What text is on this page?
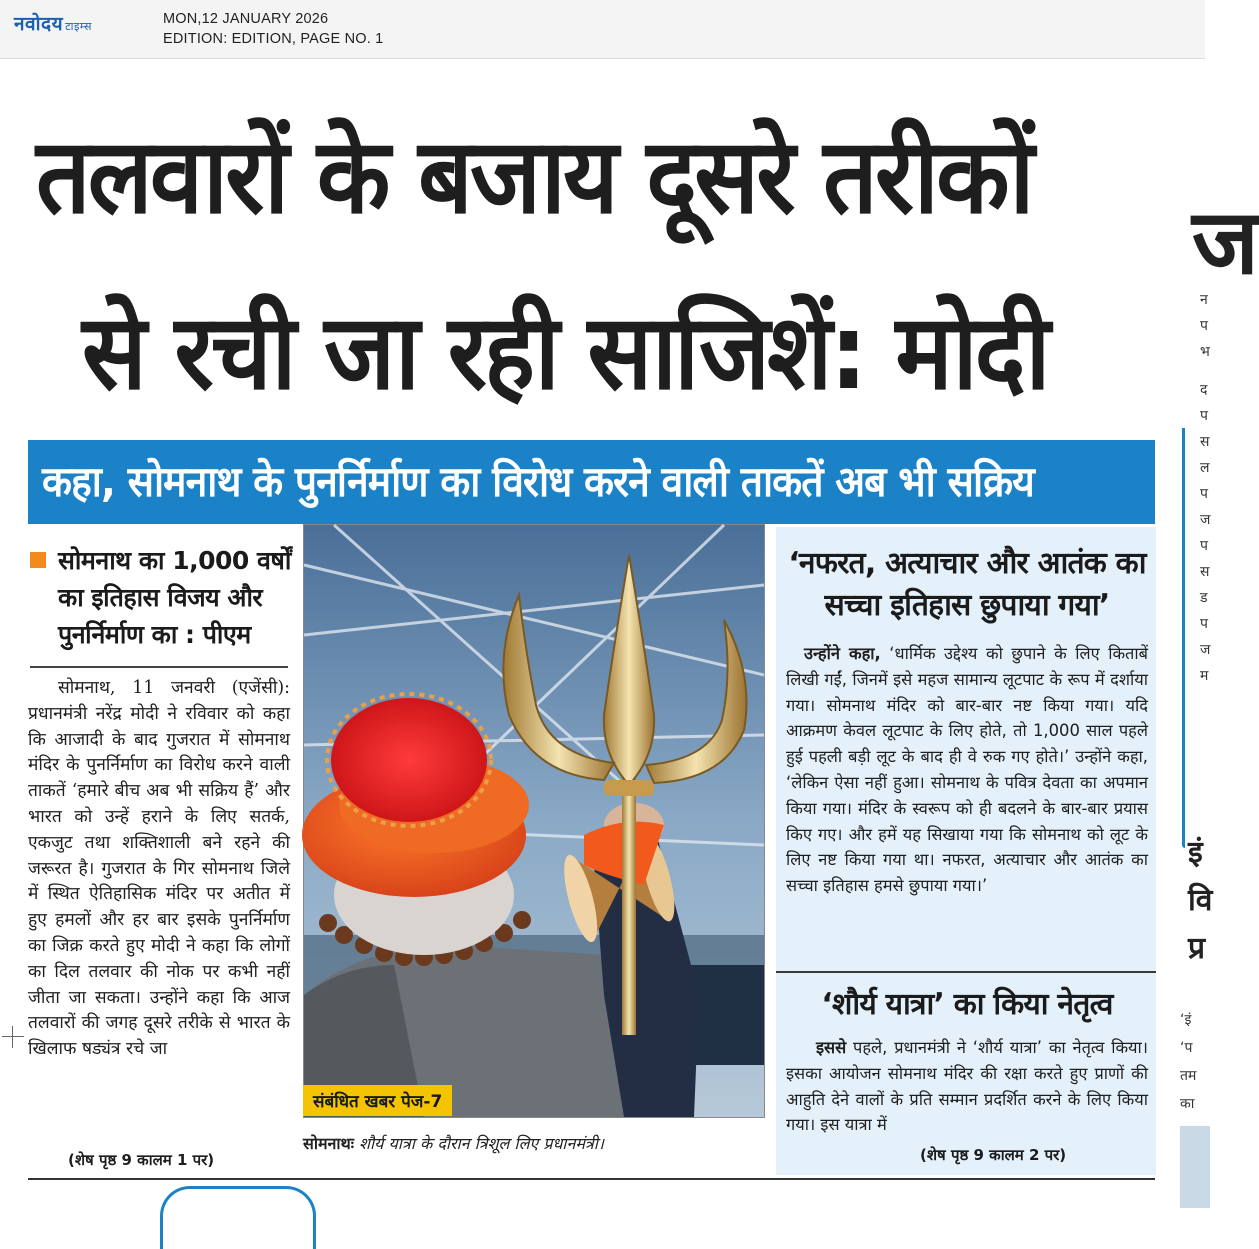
नवोदय टाइम्स	MON,12 JANUARY 2026
EDITION: EDITION, PAGE NO. 1
तलवारों के बजाय दूसरे तरीकों
से रची जा रही साजिशें: मोदी
कहा, सोमनाथ के पुनर्निर्माण का विरोध करने वाली ताकतें अब भी सक्रिय
सोमनाथ का 1,000 वर्षों का इतिहास विजय और पुनर्निर्माण का : पीएम

सोमनाथ, 11 जनवरी (एजेंसी): प्रधानमंत्री नरेंद्र मोदी ने रविवार को कहा कि आजादी के बाद गुजरात में सोमनाथ मंदिर के पुनर्निर्माण का विरोध करने वाली ताकतें ‘हमारे बीच अब भी सक्रिय हैं’ और भारत को उन्हें हराने के लिए सतर्क, एकजुट तथा शक्तिशाली बने रहने की जरूरत है। गुजरात के गिर सोमनाथ जिले में स्थित ऐतिहासिक मंदिर पर अतीत में हुए हमलों और हर बार इसके पुनर्निर्माण का जिक्र करते हुए मोदी ने कहा कि लोगों का दिल तलवार की नोक पर कभी नहीं जीता जा सकता। उन्होंने कहा कि आज तलवारों की जगह दूसरे तरीके से भारत के खिलाफ षड्यंत्र रचे जा

(शेष पृष्ठ 9 कालम 1 पर)
संबंधित खबर पेज-7
सोमनाथः शौर्य यात्रा के दौरान त्रिशूल लिए प्रधानमंत्री।
‘नफरत, अत्याचार और आतंक का सच्चा इतिहास छुपाया गया’
उन्होंने कहा, ‘धार्मिक उद्देश्य को छुपाने के लिए किताबें लिखी गईं, जिनमें इसे महज सामान्य लूटपाट के रूप में दर्शाया गया। सोमनाथ मंदिर को बार-बार नष्ट किया गया। यदि आक्रमण केवल लूटपाट के लिए होते, तो 1,000 साल पहले हुई पहली बड़ी लूट के बाद ही वे रुक गए होते।’ उन्होंने कहा, ‘लेकिन ऐसा नहीं हुआ। सोमनाथ के पवित्र देवता का अपमान किया गया। मंदिर के स्वरूप को ही बदलने के बार-बार प्रयास किए गए। और हमें यह सिखाया गया कि सोमनाथ को लूट के लिए नष्ट किया गया था। नफरत, अत्याचार और आतंक का सच्चा इतिहास हमसे छुपाया गया।’
‘शौर्य यात्रा’ का किया नेतृत्व
इससे पहले, प्रधानमंत्री ने ‘शौर्य यात्रा’ का नेतृत्व किया। इसका आयोजन सोमनाथ मंदिर की रक्षा करते हुए प्राणों की आहुति देने वालों के प्रति सम्मान प्रदर्शित करने के लिए किया गया। इस यात्रा में
(शेष पृष्ठ 9 कालम 2 पर)
ज
न
प
भ
द
प
स
ल
प
ज
प
स
ड
प
ज
म
इं
वि
प्र
‘इं
‘प
तम
का
